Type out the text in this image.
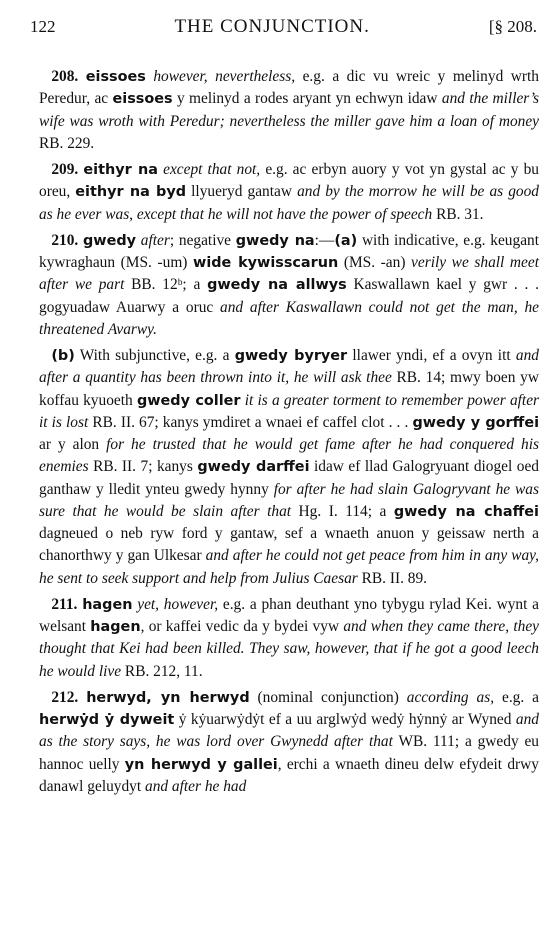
122	THE CONJUNCTION.	[§ 208.

208. eissoes however, nevertheless, e.g. a dic vu wreic y melinyd wrth Peredur, ac eissoes y melinyd a rodes aryant yn echwyn idaw and the miller’s wife was wroth with Peredur; nevertheless the miller gave him a loan of money RB. 229.

209. eithyr na except that not, e.g. ac erbyn auory y vot yn gystal ac y bu oreu, eithyr na byd llyueryd gantaw and by the morrow he will be as good as he ever was, except that he will not have the power of speech RB. 31.

210. gwedy after; negative gwedy na:—(a) with indicative, e.g. keugant kywraghaun (MS. -um) wide kywisscarun (MS. -an) verily we shall meet after we part BB. 12ᵇ; a gwedy na allwys Kaswallawn kael y gwr . . . gogyuadaw Auarwy a oruc and after Kaswallawn could not get the man, he threatened Avarwy.

(b) With subjunctive, e.g. a gwedy byryer llawer yndi, ef a ovyn itt and after a quantity has been thrown into it, he will ask thee RB. 14; mwy boen yw koffau kyuoeth gwedy coller it is a greater torment to remember power after it is lost RB. II. 67; kanys ymdiret a wnaei ef caffel clot . . . gwedy y gorffei ar y alon for he trusted that he would get fame after he had conquered his enemies RB. II. 7; kanys gwedy darffei idaw ef llad Galogryuant diogel oed ganthaw y lledit ynteu gwedy hynny for after he had slain Galogryvant he was sure that he would be slain after that Hg. I. 114; a gwedy na chaffei dagneued o neb ryw ford y gantaw, sef a wnaeth anuon y geissaw nerth a chanorthwy y gan Ulkesar and after he could not get peace from him in any way, he sent to seek support and help from Julius Caesar RB. II. 89.

211. hagen yet, however, e.g. a phan deuthant yno tybygu rylad Kei. wynt a welsant hagen, or kaffei vedic da y bydei vyw and when they came there, they thought that Kei had been killed. They saw, however, that if he got a good leech he would live RB. 212, 11.

212. herwyd, yn herwyd (nominal conjunction) according as, e.g. a herwẏd ẏ dyweit ẏ kẏuarwẏdẏt ef a uu arglwẏd wedẏ hẏnnẏ ar Wyned and as the story says, he was lord over Gwynedd after that WB. 111; a gwedy eu hannoc uelly yn herwyd y gallei, erchi a wnaeth dineu delw efydeit drwy danawl geluydyt and after he had
